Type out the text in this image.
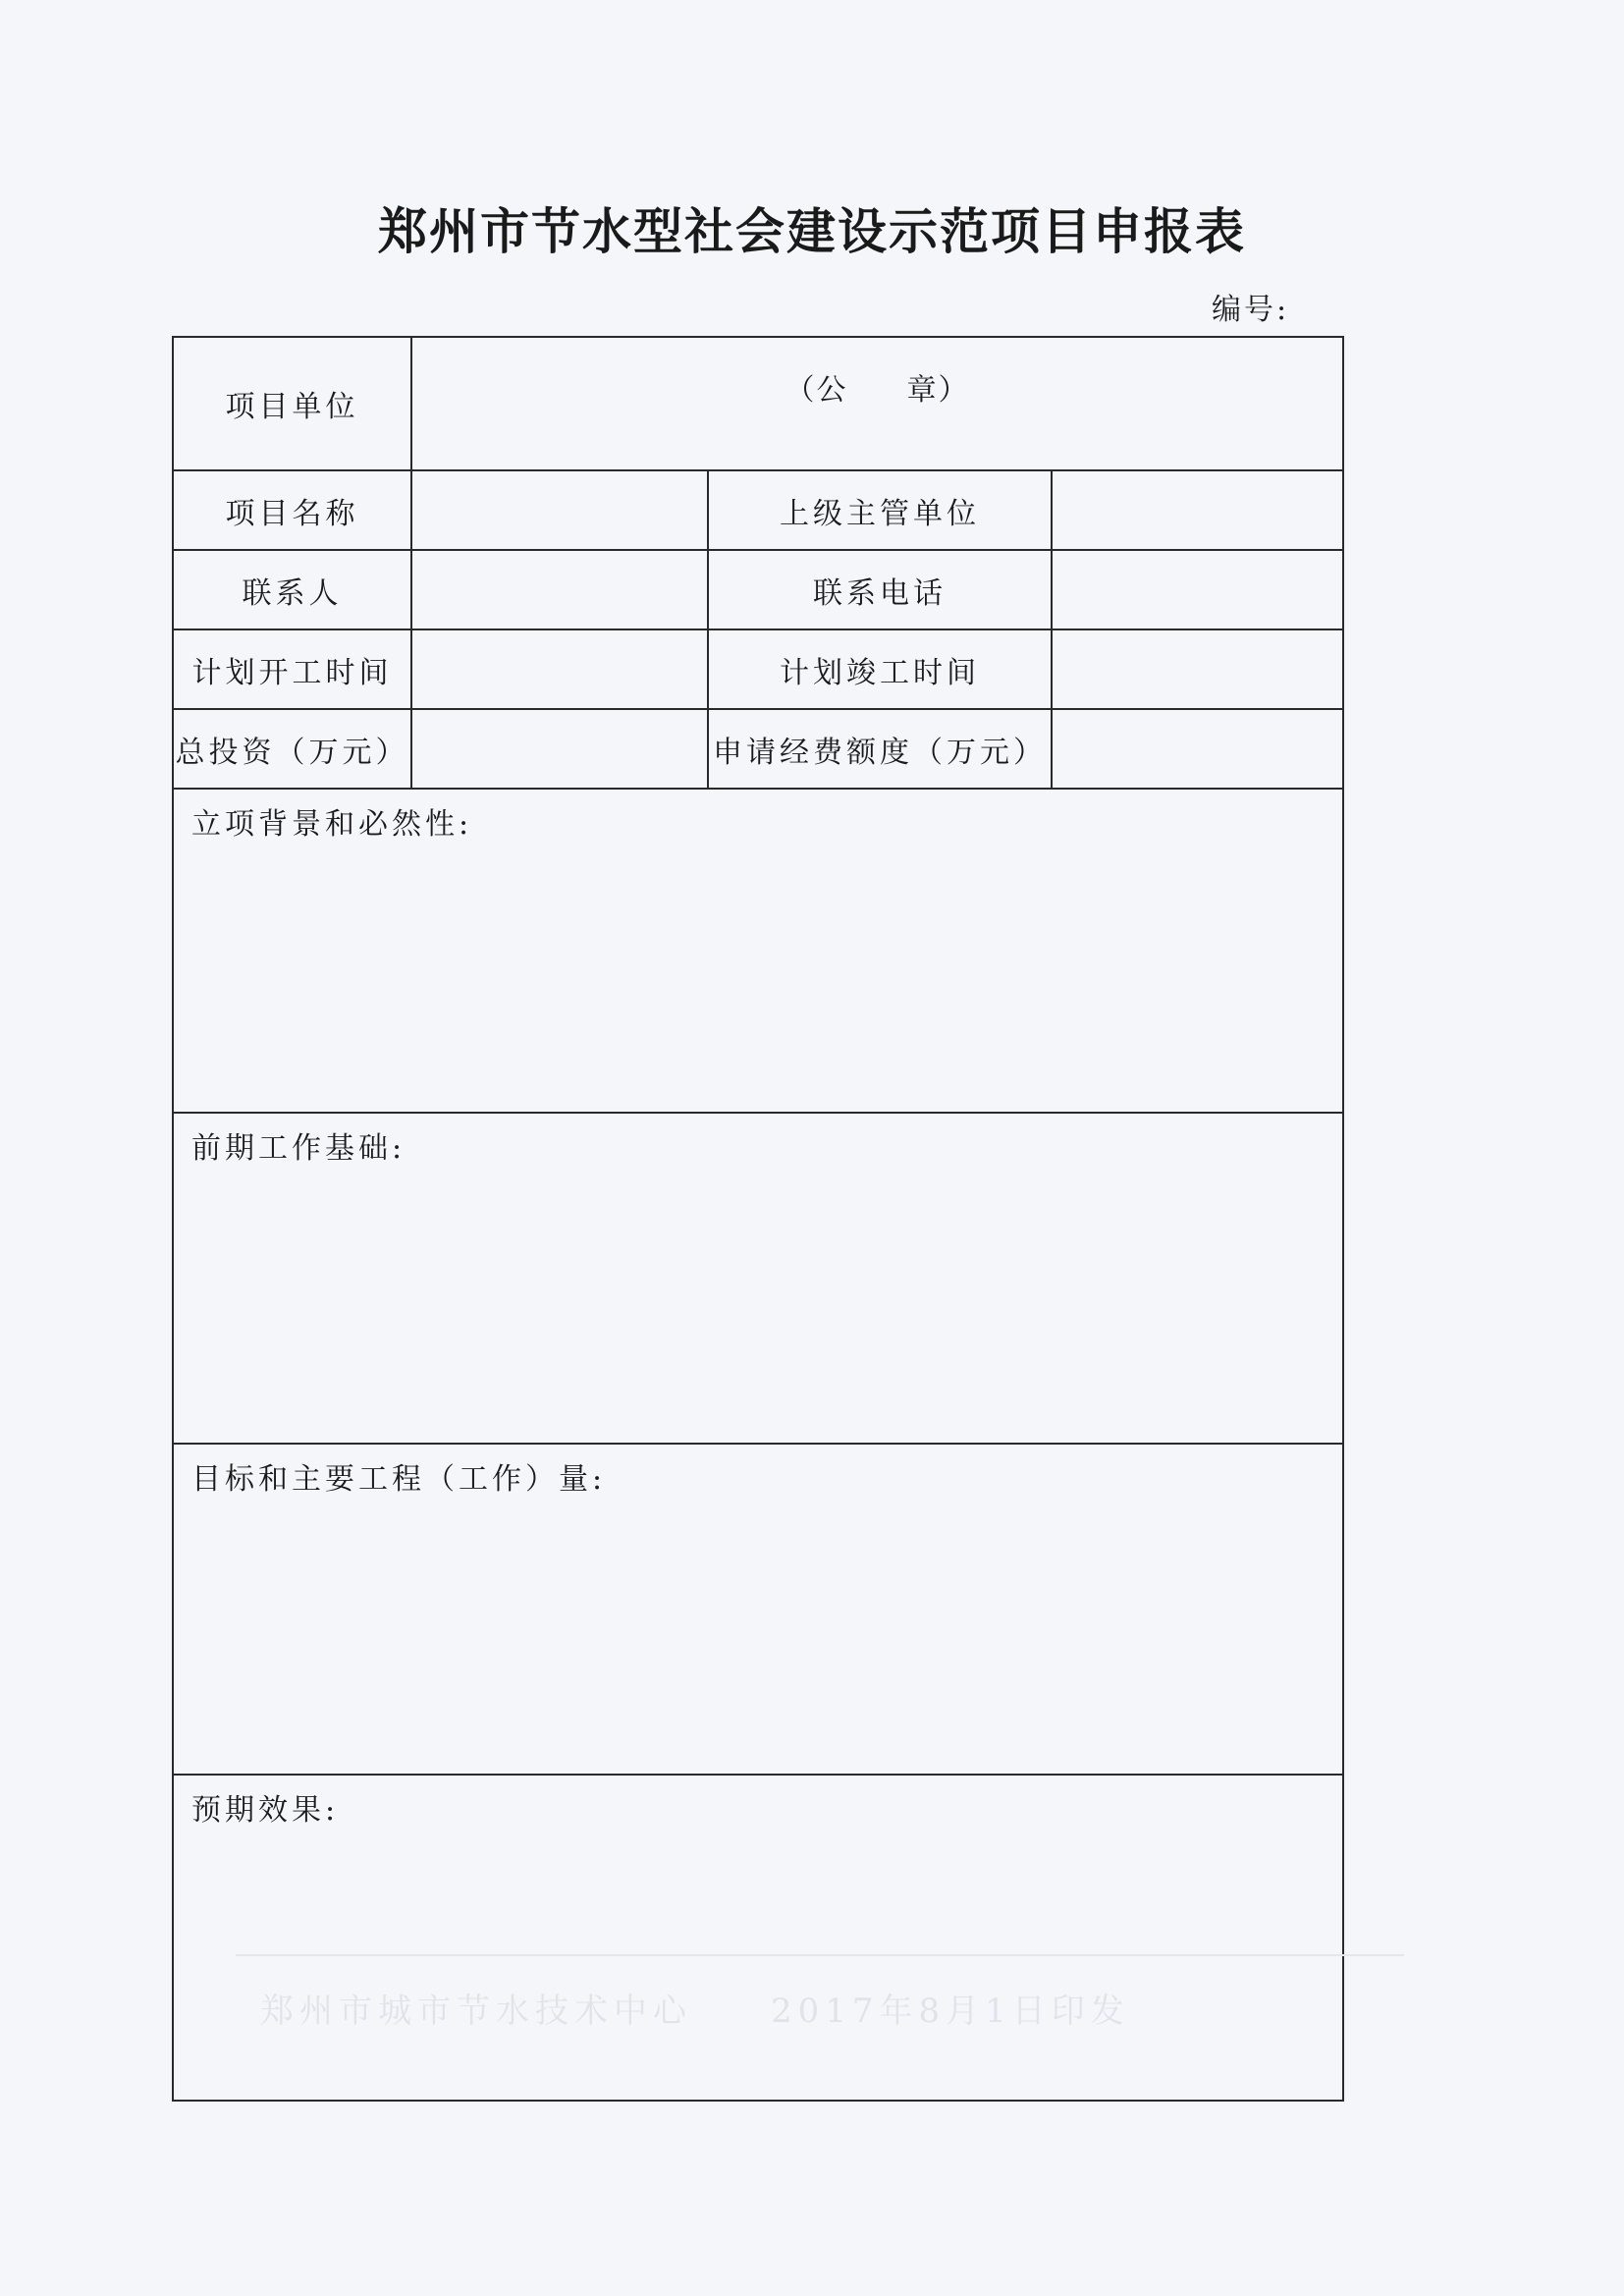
郑州市节水型社会建设示范项目申报表
编号:
项目单位	（公 章）		
项目名称		上级主管单位	
联系人		联系电话	
计划开工时间		计划竣工时间	
总投资（万元）		申请经费额度（万元）	
立项背景和必然性:			
前期工作基础:			
目标和主要工程（工作）量:			
预期效果:			
郑州市城市节水技术中心　　2017年8月1日印发
